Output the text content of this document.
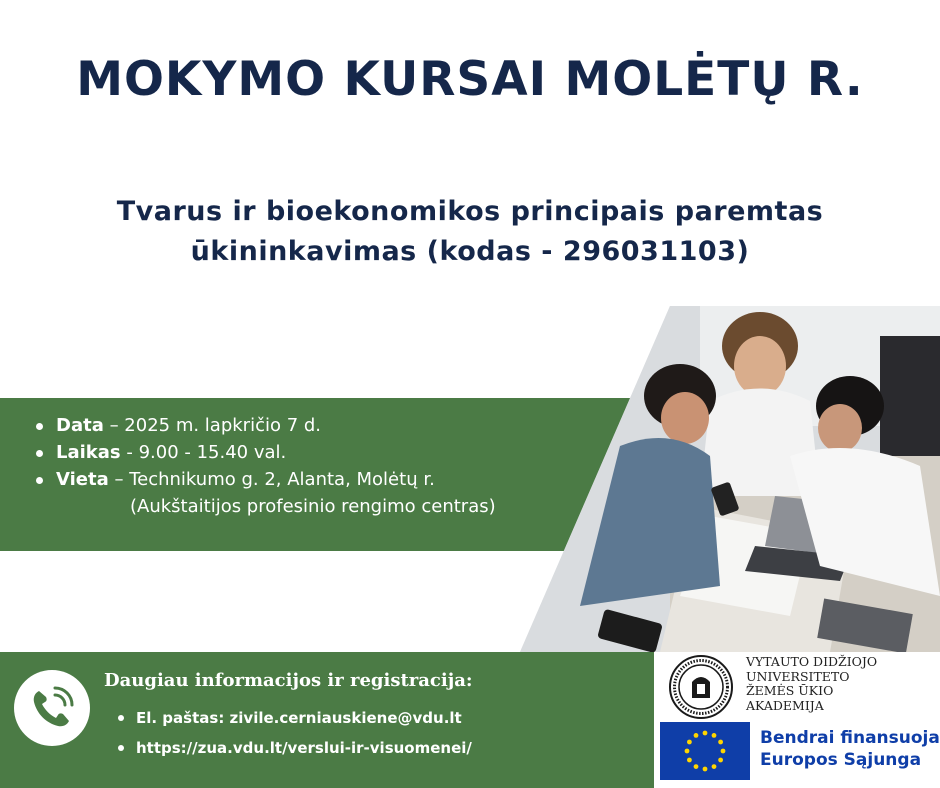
MOKYMO KURSAI MOLĖTŲ R.
Tvarus ir bioekonomikos principais paremtas
ūkininkavimas (kodas - 296031103)
Data – 2025 m. lapkričio 7 d.
Laikas - 9.00 - 15.40 val.
Vieta – Technikumo g. 2, Alanta, Molėtų r.
(Aukštaitijos profesinio rengimo centras)
Daugiau informacijos ir registracija:
El. paštas: zivile.cerniauskiene@vdu.lt
https://zua.vdu.lt/verslui-ir-visuomenei/
VYTAUTO DIDŽIOJO
UNIVERSITETO
ŽEMĖS ŪKIO
AKADEMIJA
Bendrai finansuoja
Europos Sąjunga
